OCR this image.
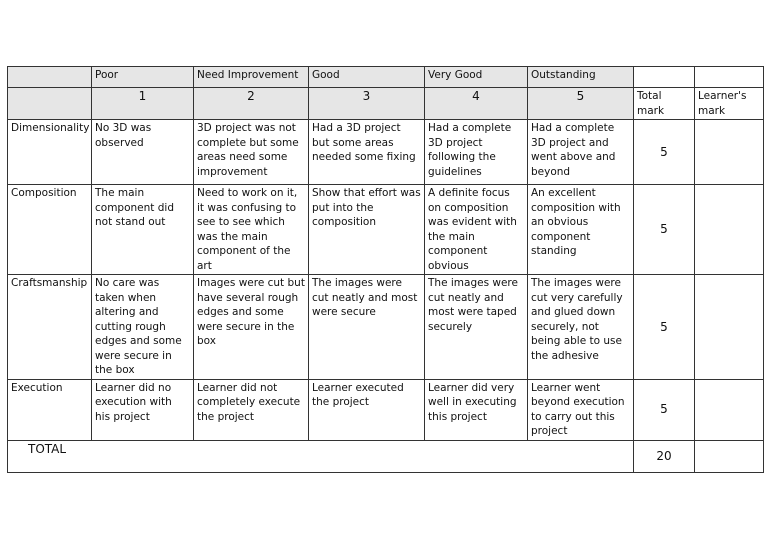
	Poor	Need Improvement	Good	Very Good	Outstanding		
	1	2	3	4	5	Total mark	Learner's mark
Dimensionality	No 3D was observed	3D project was not complete but some areas need some improvement	Had a 3D project but some areas needed some fixing	Had a complete 3D project following the guidelines	Had a complete 3D project and went above and beyond	5	
Composition	The main component did not stand out	Need to work on it, it was confusing to see to see which was the main component of the art	Show that effort was put into the composition	A definite focus on composition was evident with the main component obvious	An excellent composition with an obvious component standing	5	
Craftsmanship	No care was taken when altering and cutting rough edges and some were secure in the box	Images were cut but have several rough edges and some were secure in the box	The images were cut neatly and most were secure	The images were cut neatly and most were taped securely	The images were cut very carefully and glued down securely, not being able to use the adhesive	5	
Execution	Learner did no execution with his project	Learner did not completely execute the project	Learner executed the project	Learner did very well in executing this project	Learner went beyond execution to carry out this project	5	
TOTAL						20	
